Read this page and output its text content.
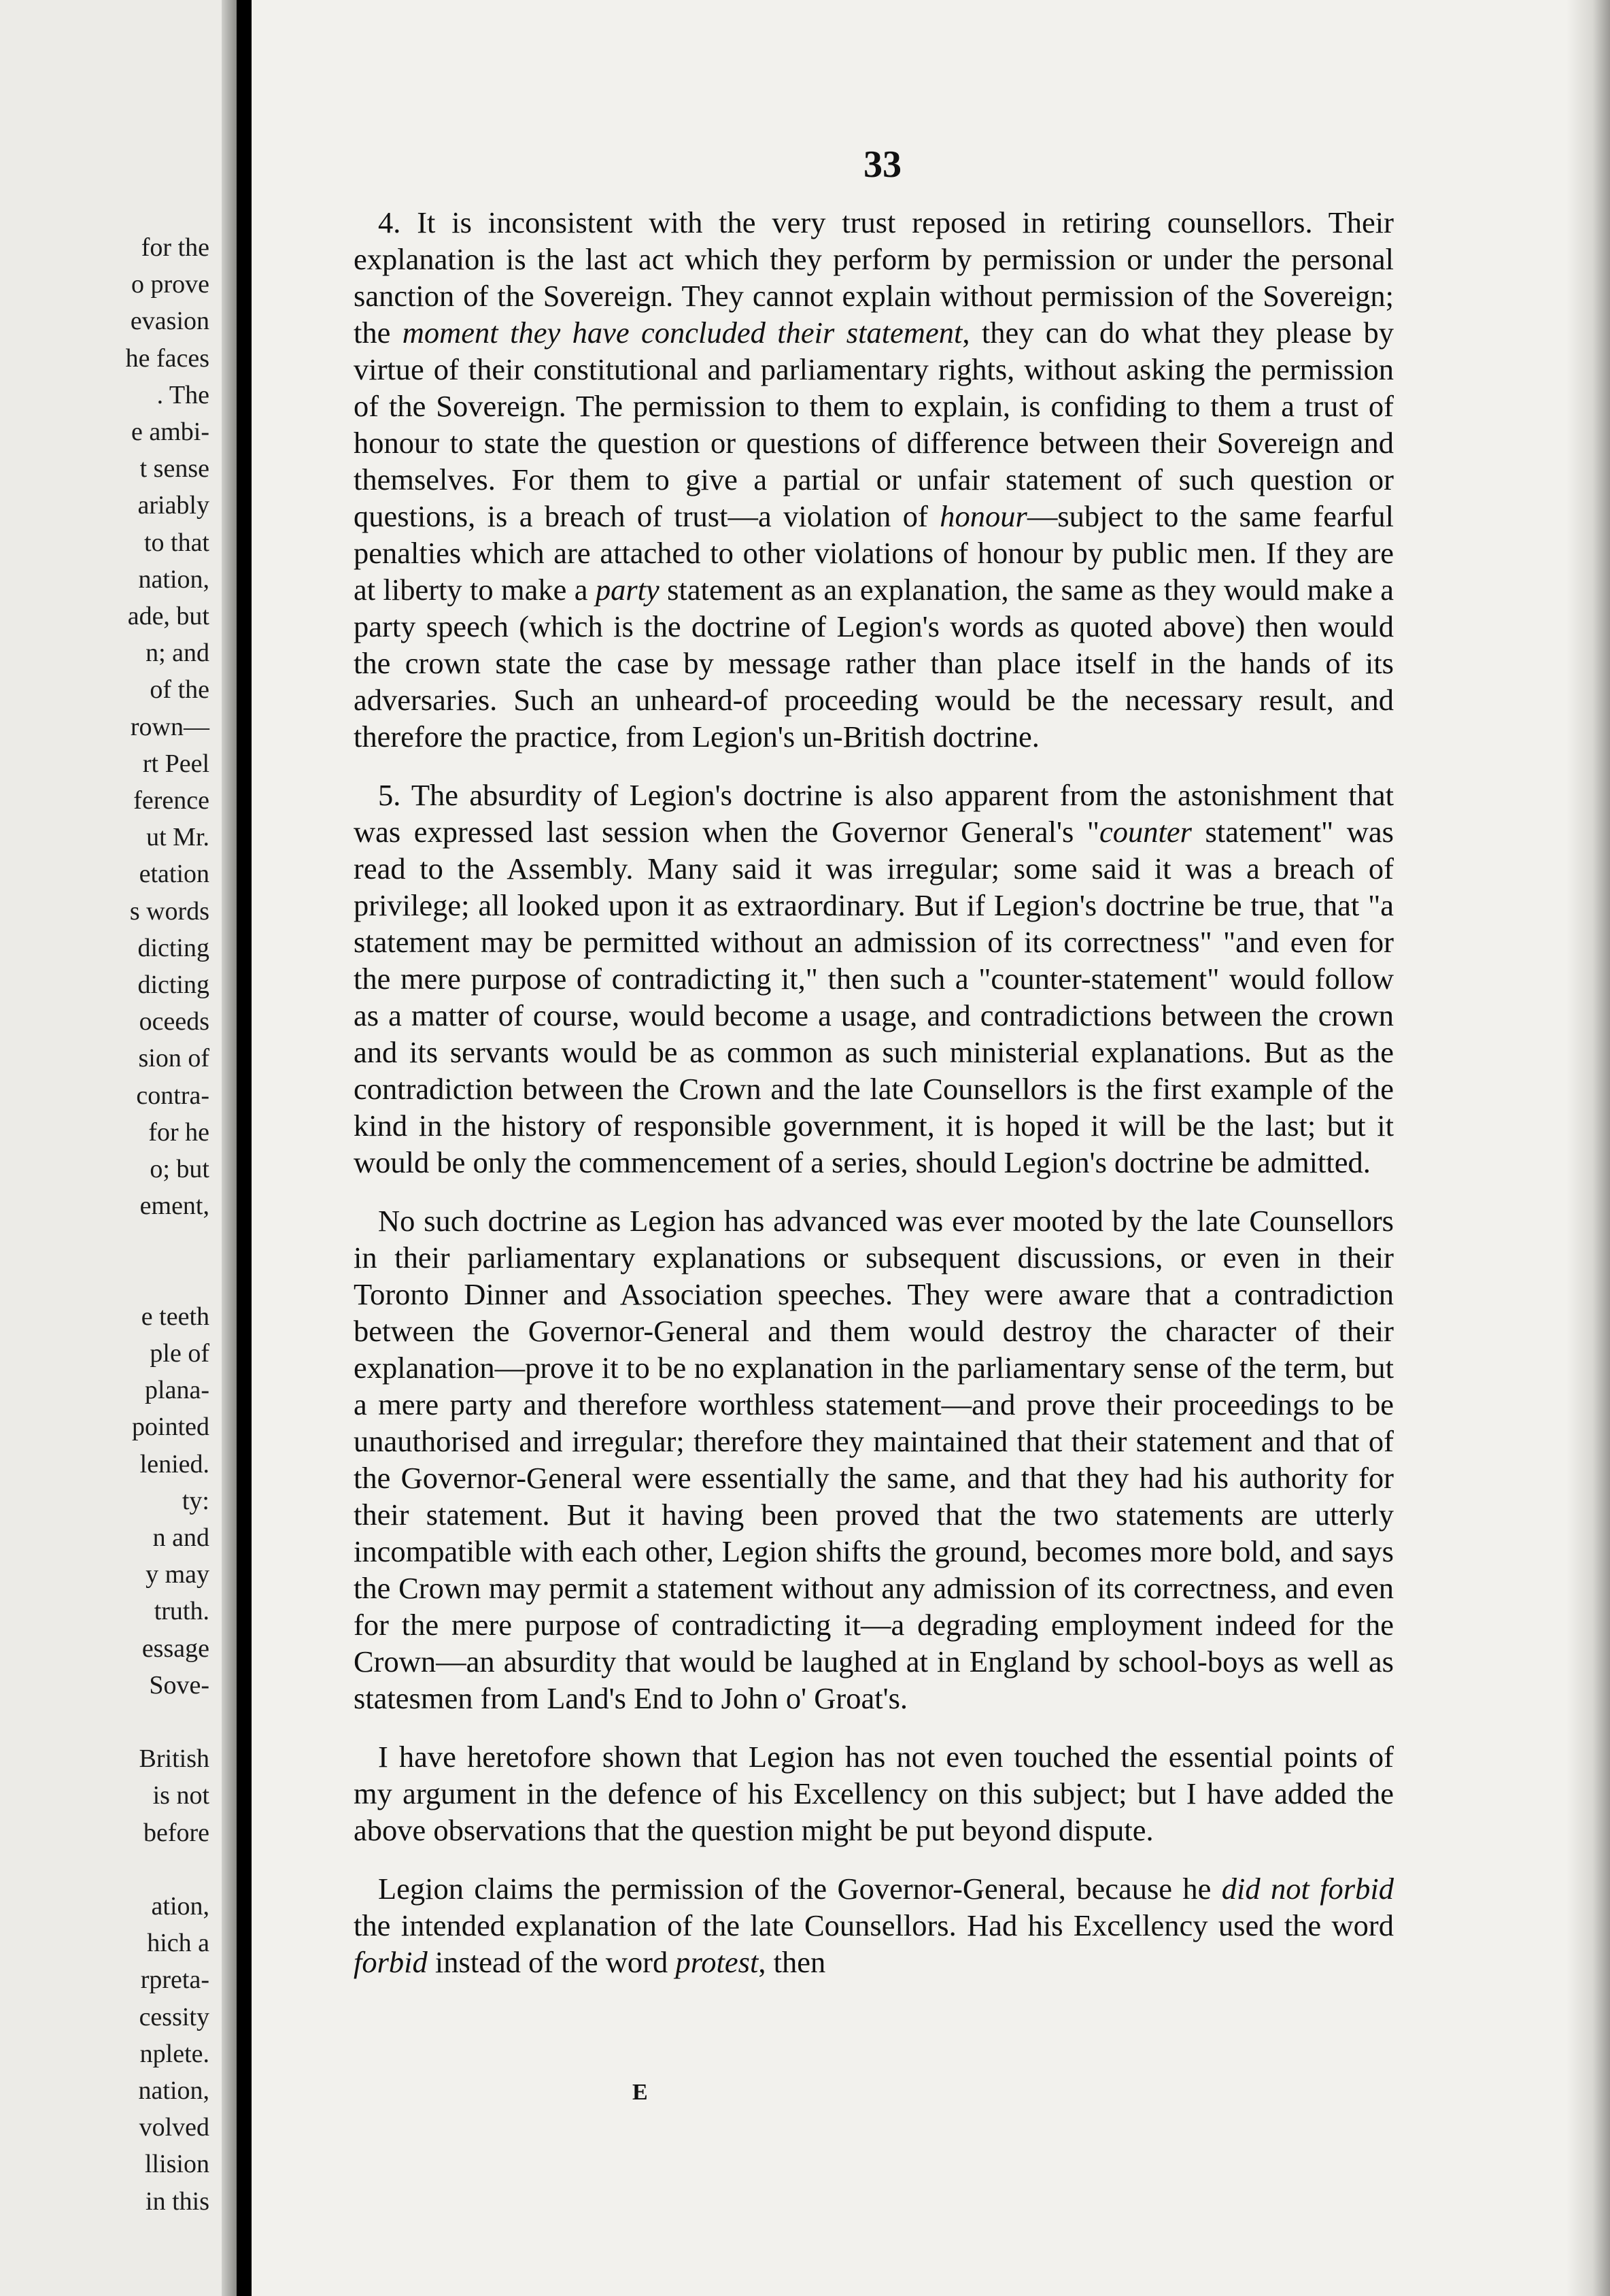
for the
o prove
evasion
he faces
. The
e ambi-
t sense
ariably
to that
nation,
ade, but
n; and
of the
rown—
rt Peel
ference
ut Mr.
etation
s words
dicting
dicting
oceeds
sion of
contra-
for he
o; but
ement,
e teeth
ple of
plana-
pointed
lenied.
ty:
n and
y may
truth.
essage
Sove-
British
is not
before
ation,
hich a
rpreta-
cessity
nplete.
nation,
volved
llision
in this
33

4. It is inconsistent with the very trust reposed in retiring counsellors. Their explanation is the last act which they perform by permission or under the personal sanction of the Sovereign. They cannot explain without permission of the Sovereign; the moment they have concluded their statement, they can do what they please by virtue of their constitutional and parliamentary rights, without asking the permission of the Sovereign. The permission to them to explain, is confiding to them a trust of honour to state the question or questions of difference between their Sovereign and themselves. For them to give a partial or unfair statement of such question or questions, is a breach of trust—a violation of honour—subject to the same fearful penalties which are attached to other violations of honour by public men. If they are at liberty to make a party statement as an explanation, the same as they would make a party speech (which is the doctrine of Legion's words as quoted above) then would the crown state the case by message rather than place itself in the hands of its adversaries. Such an unheard-of proceeding would be the necessary result, and therefore the practice, from Legion's un-British doctrine.

5. The absurdity of Legion's doctrine is also apparent from the astonishment that was expressed last session when the Governor General's "counter statement" was read to the Assembly. Many said it was irregular; some said it was a breach of privilege; all looked upon it as extraordinary. But if Legion's doctrine be true, that "a statement may be permitted without an admission of its correctness" "and even for the mere purpose of contradicting it," then such a "counter-statement" would follow as a matter of course, would become a usage, and contradictions between the crown and its servants would be as common as such ministerial explanations. But as the contradiction between the Crown and the late Counsellors is the first example of the kind in the history of responsible government, it is hoped it will be the last; but it would be only the commencement of a series, should Legion's doctrine be admitted.

No such doctrine as Legion has advanced was ever mooted by the late Counsellors in their parliamentary explanations or subsequent discussions, or even in their Toronto Dinner and Association speeches. They were aware that a contradiction between the Governor-General and them would destroy the character of their explanation—prove it to be no explanation in the parliamentary sense of the term, but a mere party and therefore worthless statement—and prove their proceedings to be unauthorised and irregular; therefore they maintained that their statement and that of the Governor-General were essentially the same, and that they had his authority for their statement. But it having been proved that the two statements are utterly incompatible with each other, Legion shifts the ground, becomes more bold, and says the Crown may permit a statement without any admission of its correctness, and even for the mere purpose of contradicting it—a degrading employment indeed for the Crown—an absurdity that would be laughed at in England by school-boys as well as statesmen from Land's End to John o' Groat's.

I have heretofore shown that Legion has not even touched the essential points of my argument in the defence of his Excellency on this subject; but I have added the above observations that the question might be put beyond dispute.

Legion claims the permission of the Governor-General, because he did not forbid the intended explanation of the late Counsellors. Had his Excellency used the word forbid instead of the word protest, then

E
